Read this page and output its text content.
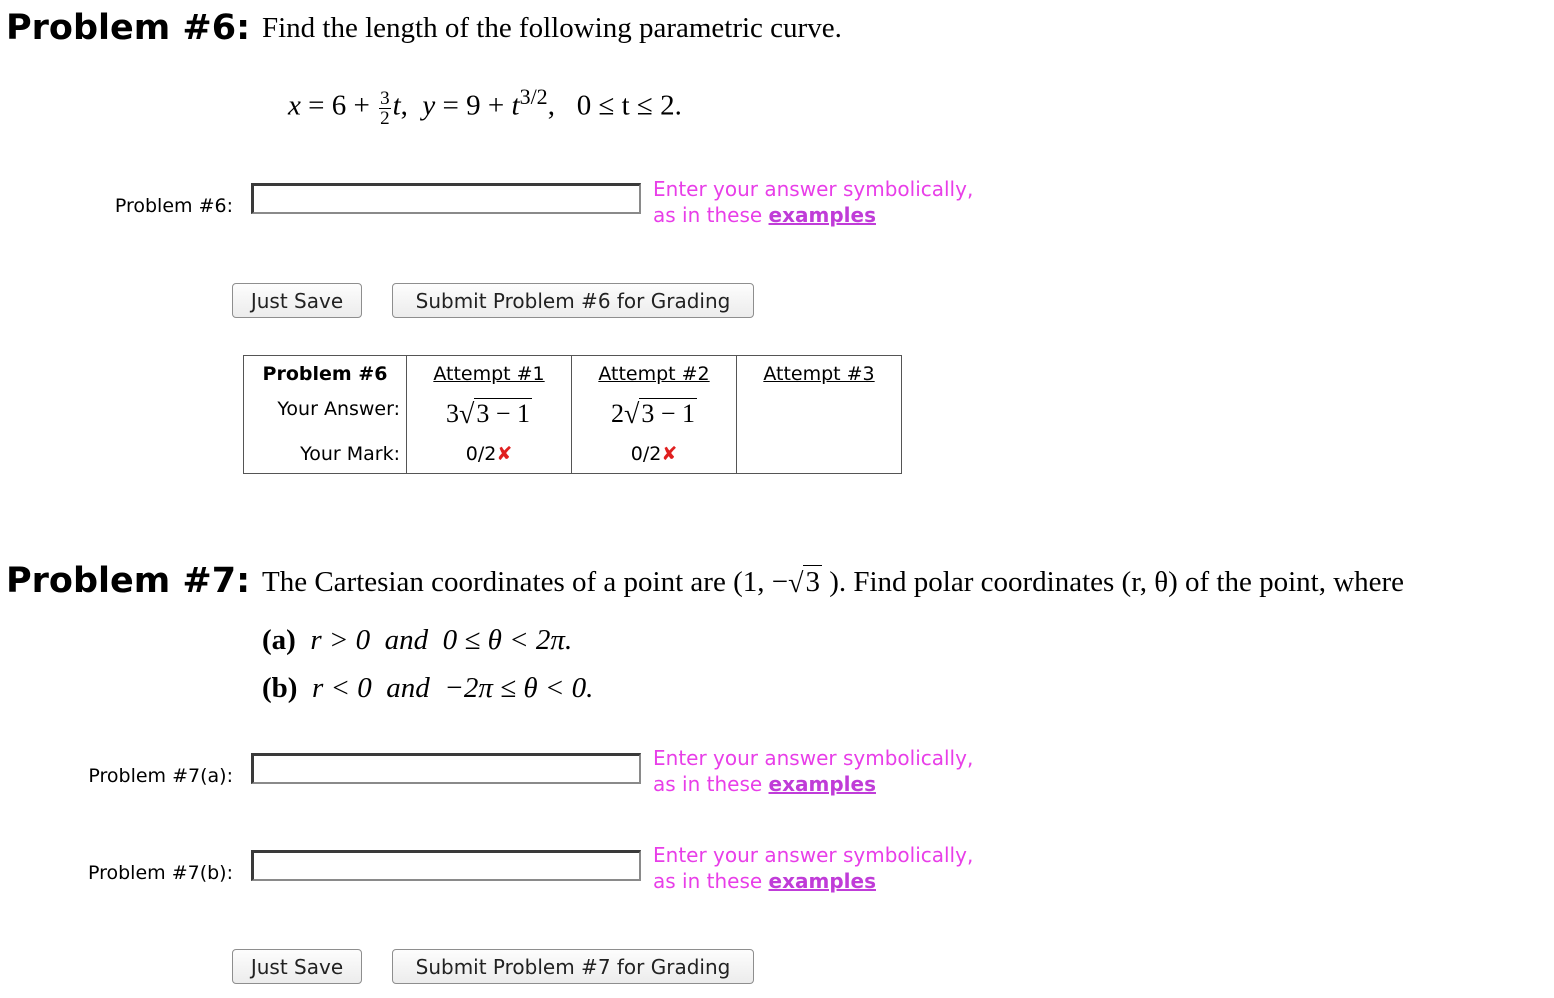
Problem #6: Find the length of the following parametric curve.
$x = 6 + \frac{3}{2} t$, $y = 9 + t^{3/2}$, 0 ≤ t ≤ 2.
Problem #6:
Enter your answer symbolically,
as in these examples
Just Save	Submit Problem #6 for Grading
Problem #6	Attempt #1	Attempt #2	Attempt #3
Your Answer:	3√3 − 1	2√3 − 1	
Your Mark:	0/2✘	0/2✘	
Problem #7: The Cartesian coordinates of a point are (1, −√3 ). Find polar coordinates (r, θ) of the point, where
(a) r > 0  and  0 ≤ θ < 2π.
(b) r < 0  and  −2π ≤ θ < 0.
Problem #7(a):
Enter your answer symbolically,
as in these examples
Problem #7(b):
Enter your answer symbolically,
as in these examples
Just Save	Submit Problem #7 for Grading
